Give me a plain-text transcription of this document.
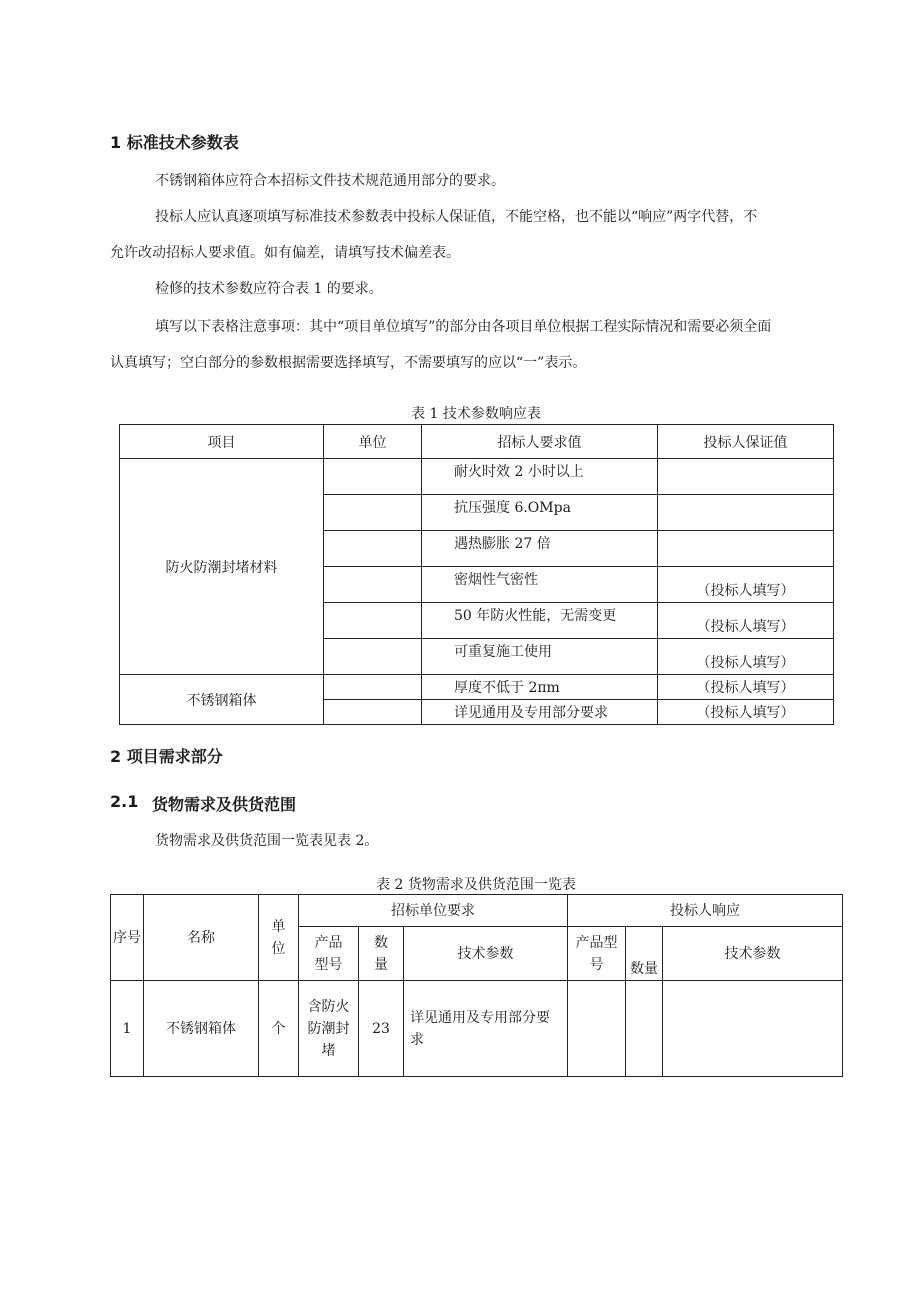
1 标准技术参数表
不锈钢箱体应符合本招标文件技术规范通用部分的要求。
投标人应认真逐项填写标准技术参数表中投标人保证值，不能空格，也不能以“响应”两字代替，不
允许改动招标人要求值。如有偏差，请填写技术偏差表。
检修的技术参数应符合表 1 的要求。
填写以下表格注意事项：其中“项目单位填写”的部分由各项目单位根据工程实际情况和需要必须全面
认真填写；空白部分的参数根据需要选择填写，不需要填写的应以“一”表示。
表 1 技术参数响应表
项目	单位	招标人要求值	投标人保证值
防火防潮封堵材料		耐火时效 2 小时以上	
		抗压强度 6.OMpa	
		遇热膨胀 27 倍	
		密烟性气密性	（投标人填写）
		50 年防火性能，无需变更	（投标人填写）
		可重复施工使用	（投标人填写）
不锈钢箱体		厚度不低于 2πm	（投标人填写）
		详见通用及专用部分要求	（投标人填写）
2 项目需求部分
2.1 货物需求及供货范围
货物需求及供货范围一览表见表 2。
表 2 货物需求及供货范围一览表
序号	名称	单位	招标单位要求			投标人响应		
			产品型号	数量	技术参数	产品型号	数量	技术参数
1	不锈钢箱体	个	含防火防潮封堵	23	详见通用及专用部分要求			
